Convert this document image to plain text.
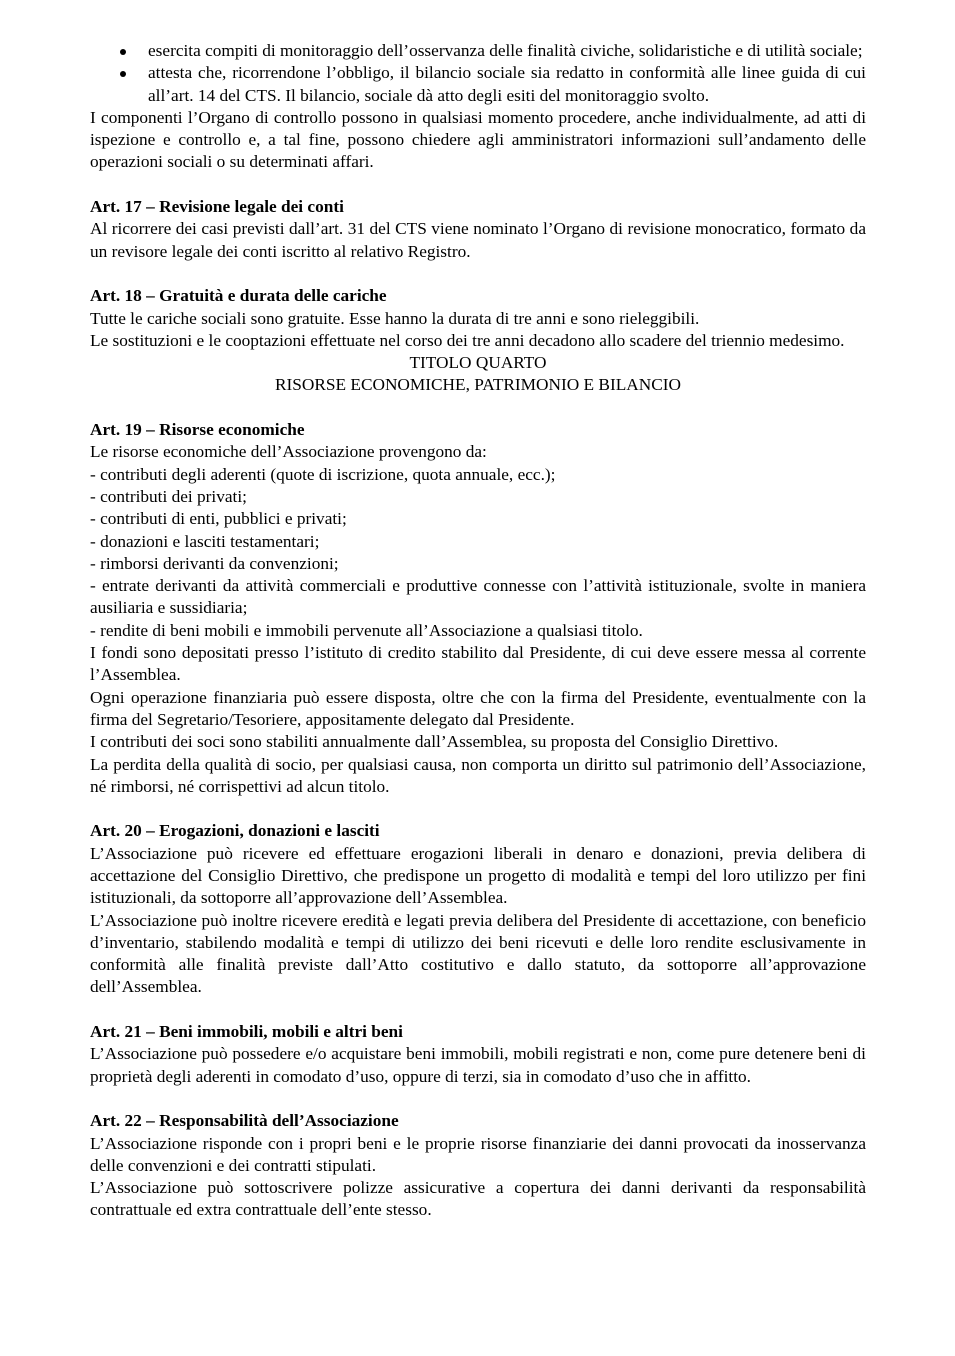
esercita compiti di monitoraggio dell’osservanza delle finalità civiche, solidaristiche e di utilità sociale;
attesta che, ricorrendone l’obbligo, il bilancio sociale sia redatto in conformità alle linee guida di cui all’art. 14 del CTS. Il bilancio, sociale dà atto degli esiti del monitoraggio svolto.

I componenti l’Organo di controllo possono in qualsiasi momento procedere, anche individualmente, ad atti di ispezione e controllo e, a tal fine, possono chiedere agli amministratori informazioni sull’andamento delle operazioni sociali o su determinati affari.

Art. 17 – Revisione legale dei conti

Al ricorrere dei casi previsti dall’art. 31 del CTS viene nominato l’Organo di revisione monocratico, formato da un revisore legale dei conti iscritto al relativo Registro.

Art. 18 – Gratuità e durata delle cariche

Tutte le cariche sociali sono gratuite. Esse hanno la durata di tre anni e sono rieleggibili.

Le sostituzioni e le cooptazioni effettuate nel corso dei tre anni decadono allo scadere del triennio medesimo.

TITOLO QUARTO

RISORSE ECONOMICHE, PATRIMONIO E BILANCIO

Art. 19 – Risorse economiche

Le risorse economiche dell’Associazione provengono da:

- contributi degli aderenti (quote di iscrizione, quota annuale, ecc.);

- contributi dei privati;

- contributi di enti, pubblici e privati;

- donazioni e lasciti testamentari;

- rimborsi derivanti da convenzioni;

- entrate derivanti da attività commerciali e produttive connesse con l’attività istituzionale, svolte in maniera ausiliaria e sussidiaria;

- rendite di beni mobili e immobili pervenute all’Associazione a qualsiasi titolo.

I fondi sono depositati presso l’istituto di credito stabilito dal Presidente, di cui deve essere messa al corrente l’Assemblea.

Ogni operazione finanziaria può essere disposta, oltre che con la firma del Presidente, eventualmente con la firma del Segretario/Tesoriere, appositamente delegato dal Presidente.

I contributi dei soci sono stabiliti annualmente dall’Assemblea, su proposta del Consiglio Direttivo.

La perdita della qualità di socio, per qualsiasi causa, non comporta un diritto sul patrimonio dell’Associazione, né rimborsi, né corrispettivi ad alcun titolo.

Art. 20 – Erogazioni, donazioni e lasciti

L’Associazione può ricevere ed effettuare erogazioni liberali in denaro e donazioni, previa delibera di accettazione del Consiglio Direttivo, che predispone un progetto di modalità e tempi del loro utilizzo per fini istituzionali, da sottoporre all’approvazione dell’Assemblea.

L’Associazione può inoltre ricevere eredità e legati previa delibera del Presidente di accettazione, con beneficio d’inventario, stabilendo modalità e tempi di utilizzo dei beni ricevuti e delle loro rendite esclusivamente in conformità alle finalità previste dall’Atto costitutivo e dallo statuto, da sottoporre all’approvazione dell’Assemblea.

Art. 21 – Beni immobili, mobili e altri beni

L’Associazione può possedere e/o acquistare beni immobili, mobili registrati e non, come pure detenere beni di proprietà degli aderenti in comodato d’uso, oppure di terzi, sia in comodato d’uso che in affitto.

Art. 22 – Responsabilità dell’Associazione

L’Associazione risponde con i propri beni e le proprie risorse finanziarie dei danni provocati da inosservanza delle convenzioni e dei contratti stipulati.

L’Associazione può sottoscrivere polizze assicurative a copertura dei danni derivanti da responsabilità contrattuale ed extra contrattuale dell’ente stesso.
